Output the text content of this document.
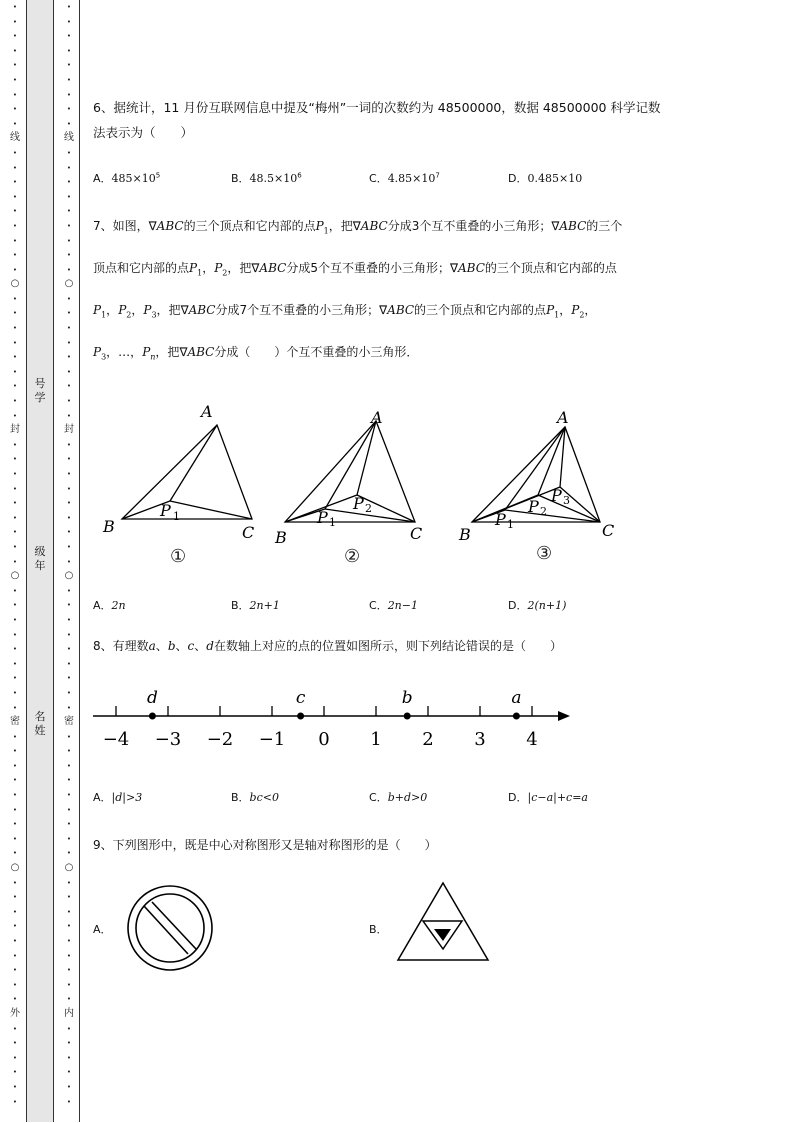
•
•
•
•
•
•
•
•
•
线
•
•
•
•
•
•
•
•
•
○
•
•
•
•
•
•
•
•
•
封
•
•
•
•
•
•
•
•
•
○
•
•
•
•
•
•
•
•
•
密
•
•
•
•
•
•
•
•
•
○
•
•
•
•
•
•
•
•
•
外
•
•
•
•
•
•
号
学
级
年
名
姓
•
•
•
•
•
•
•
•
•
线
•
•
•
•
•
•
•
•
•
○
•
•
•
•
•
•
•
•
•
封
•
•
•
•
•
•
•
•
•
○
•
•
•
•
•
•
•
•
•
密
•
•
•
•
•
•
•
•
•
○
•
•
•
•
•
•
•
•
•
内
•
•
•
•
•
•
6、据统计，11 月份互联网信息中提及“梅州”一词的次数约为 48500000，数据 48500000 科学记数
法表示为（　　）
A．$485\times 10^5$	B．$48.5\times 10^6$	C．$4.85\times 10^7$	D．0.485×10
7、如图，∇ABC的三个顶点和它内部的点$P_1$，把∇ABC分成3个互不重叠的小三角形；∇ABC的三个
顶点和它内部的点$P_1$，$P_2$，把∇ABC分成5个互不重叠的小三角形；∇ABC的三个顶点和它内部的点
$P_1$，$P_2$，$P_3$，把∇ABC分成7个互不重叠的小三角形；∇ABC的三个顶点和它内部的点$P_1$，$P_2$，
$P_3$，…，$P_n$，把∇ABC分成（　　）个互不重叠的小三角形．
A
B	C
P 1
A
B	C
P 1
P 2
A
B	C
P 1
P 2
P 3
①	②	③
A．2n	B．2n+1	C．2n−1	D．2(n+1)
8、有理数a、b、c、d在数轴上对应的点的位置如图所示，则下列结论错误的是（　　）
−4 −3 −2 −1 0 1 2 3 4
d	c	b	a
A．|d|>3	B．bc<0	C．b+d>0	D．|c−a|+c=a
9、下列图形中，既是中心对称图形又是轴对称图形的是（　　）
A．	B．
